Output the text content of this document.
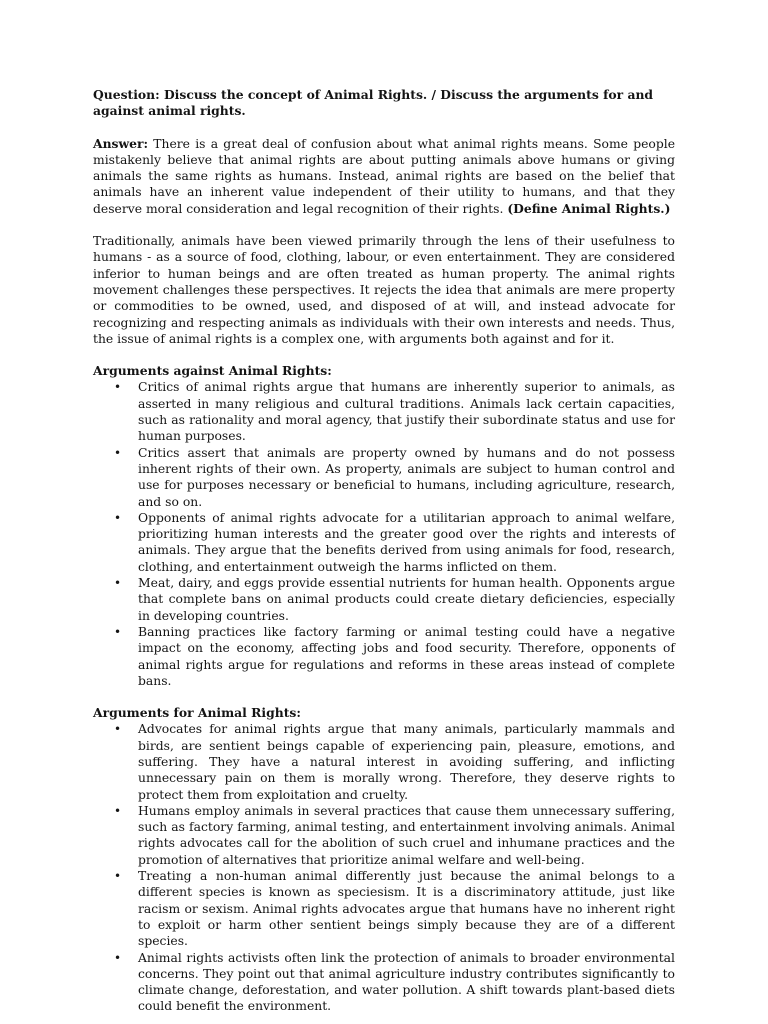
Question: Discuss the concept of Animal Rights. / Discuss the arguments for and against animal rights.

Answer: There is a great deal of confusion about what animal rights means. Some people mistakenly believe that animal rights are about putting animals above humans or giving animals the same rights as humans. Instead, animal rights are based on the belief that animals have an inherent value independent of their utility to humans, and that they deserve moral consideration and legal recognition of their rights. (Define Animal Rights.)

Traditionally, animals have been viewed primarily through the lens of their usefulness to humans - as a source of food, clothing, labour, or even entertainment. They are considered inferior to human beings and are often treated as human property. The animal rights movement challenges these perspectives. It rejects the idea that animals are mere property or commodities to be owned, used, and disposed of at will, and instead advocate for recognizing and respecting animals as individuals with their own interests and needs. Thus, the issue of animal rights is a complex one, with arguments both against and for it.

Arguments against Animal Rights:

• Critics of animal rights argue that humans are inherently superior to animals, as asserted in many religious and cultural traditions. Animals lack certain capacities, such as rationality and moral agency, that justify their subordinate status and use for human purposes.

• Critics assert that animals are property owned by humans and do not possess inherent rights of their own. As property, animals are subject to human control and use for purposes necessary or beneficial to humans, including agriculture, research, and so on.

• Opponents of animal rights advocate for a utilitarian approach to animal welfare, prioritizing human interests and the greater good over the rights and interests of animals. They argue that the benefits derived from using animals for food, research, clothing, and entertainment outweigh the harms inflicted on them.

• Meat, dairy, and eggs provide essential nutrients for human health. Opponents argue that complete bans on animal products could create dietary deficiencies, especially in developing countries.

• Banning practices like factory farming or animal testing could have a negative impact on the economy, affecting jobs and food security. Therefore, opponents of animal rights argue for regulations and reforms in these areas instead of complete bans.

Arguments for Animal Rights:

• Advocates for animal rights argue that many animals, particularly mammals and birds, are sentient beings capable of experiencing pain, pleasure, emotions, and suffering. They have a natural interest in avoiding suffering, and inflicting unnecessary pain on them is morally wrong. Therefore, they deserve rights to protect them from exploitation and cruelty.

• Humans employ animals in several practices that cause them unnecessary suffering, such as factory farming, animal testing, and entertainment involving animals. Animal rights advocates call for the abolition of such cruel and inhumane practices and the promotion of alternatives that prioritize animal welfare and well-being.

• Treating a non-human animal differently just because the animal belongs to a different species is known as speciesism. It is a discriminatory attitude, just like racism or sexism. Animal rights advocates argue that humans have no inherent right to exploit or harm other sentient beings simply because they are of a different species.

• Animal rights activists often link the protection of animals to broader environmental concerns. They point out that animal agriculture industry contributes significantly to climate change, deforestation, and water pollution. A shift towards plant-based diets could benefit the environment.
